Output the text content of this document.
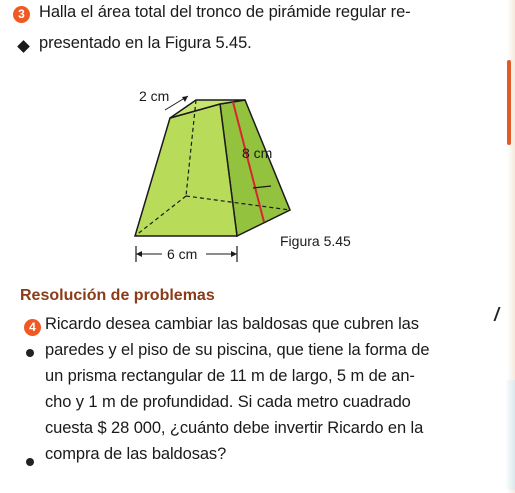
3 Halla el área total del tronco de pirámide regular re-
presentado en la Figura 5.45.
2 cm
8 cm
6 cm
Figura 5.45
Resolución de problemas
4 Ricardo desea cambiar las baldosas que cubren las
paredes y el piso de su piscina, que tiene la forma de
un prisma rectangular de 11 m de largo, 5 m de an-
cho y 1 m de profundidad. Si cada metro cuadrado
cuesta $ 28 000, ¿cuánto debe invertir Ricardo en la
compra de las baldosas?
